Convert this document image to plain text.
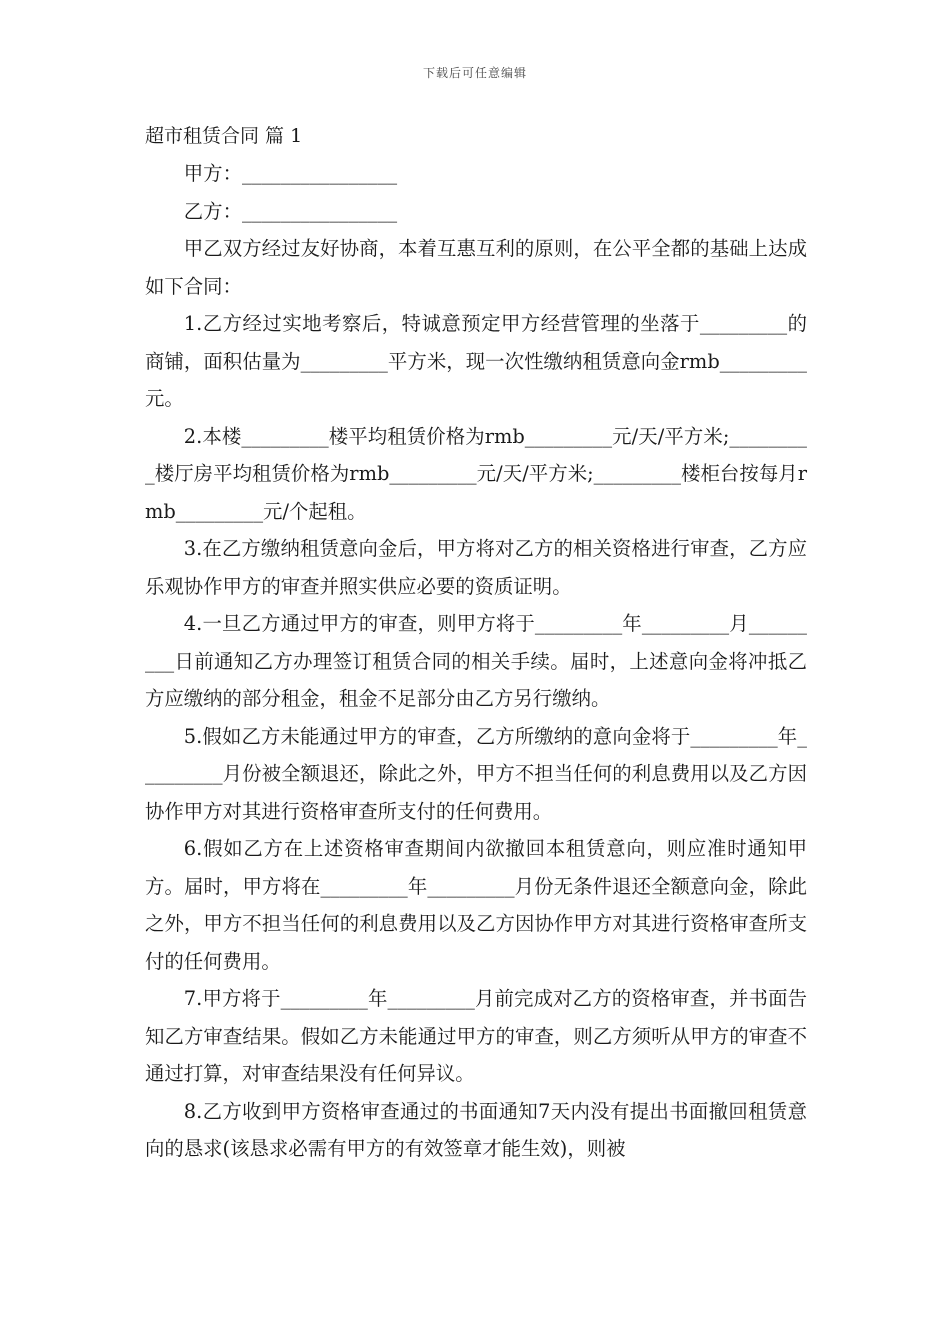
下载后可任意编辑

超市租赁合同 篇 1

甲方：________________

乙方：________________

甲乙双方经过友好协商，本着互惠互利的原则，在公平全都的基础上达成如下合同：

1.乙方经过实地考察后，特诚意预定甲方经营管理的坐落于_________的商铺，面积估量为_________平方米，现一次性缴纳租赁意向金rmb_________元。

2.本楼_________楼平均租赁价格为rmb_________元/天/平方米;_________楼厅房平均租赁价格为rmb_________元/天/平方米;_________楼柜台按每月rmb_________元/个起租。

3.在乙方缴纳租赁意向金后，甲方将对乙方的相关资格进行审查，乙方应乐观协作甲方的审查并照实供应必要的资质证明。

4.一旦乙方通过甲方的审查，则甲方将于_________年_________月_________日前通知乙方办理签订租赁合同的相关手续。届时，上述意向金将冲抵乙方应缴纳的部分租金，租金不足部分由乙方另行缴纳。

5.假如乙方未能通过甲方的审查，乙方所缴纳的意向金将于_________年_________月份被全额退还，除此之外，甲方不担当任何的利息费用以及乙方因协作甲方对其进行资格审查所支付的任何费用。

6.假如乙方在上述资格审查期间内欲撤回本租赁意向，则应准时通知甲方。届时，甲方将在_________年_________月份无条件退还全额意向金，除此之外，甲方不担当任何的利息费用以及乙方因协作甲方对其进行资格审查所支付的任何费用。

7.甲方将于_________年_________月前完成对乙方的资格审查，并书面告知乙方审查结果。假如乙方未能通过甲方的审查，则乙方须听从甲方的审查不通过打算，对审查结果没有任何异议。

8.乙方收到甲方资格审查通过的书面通知7天内没有提出书面撤回租赁意向的恳求(该恳求必需有甲方的有效签章才能生效)，则被
